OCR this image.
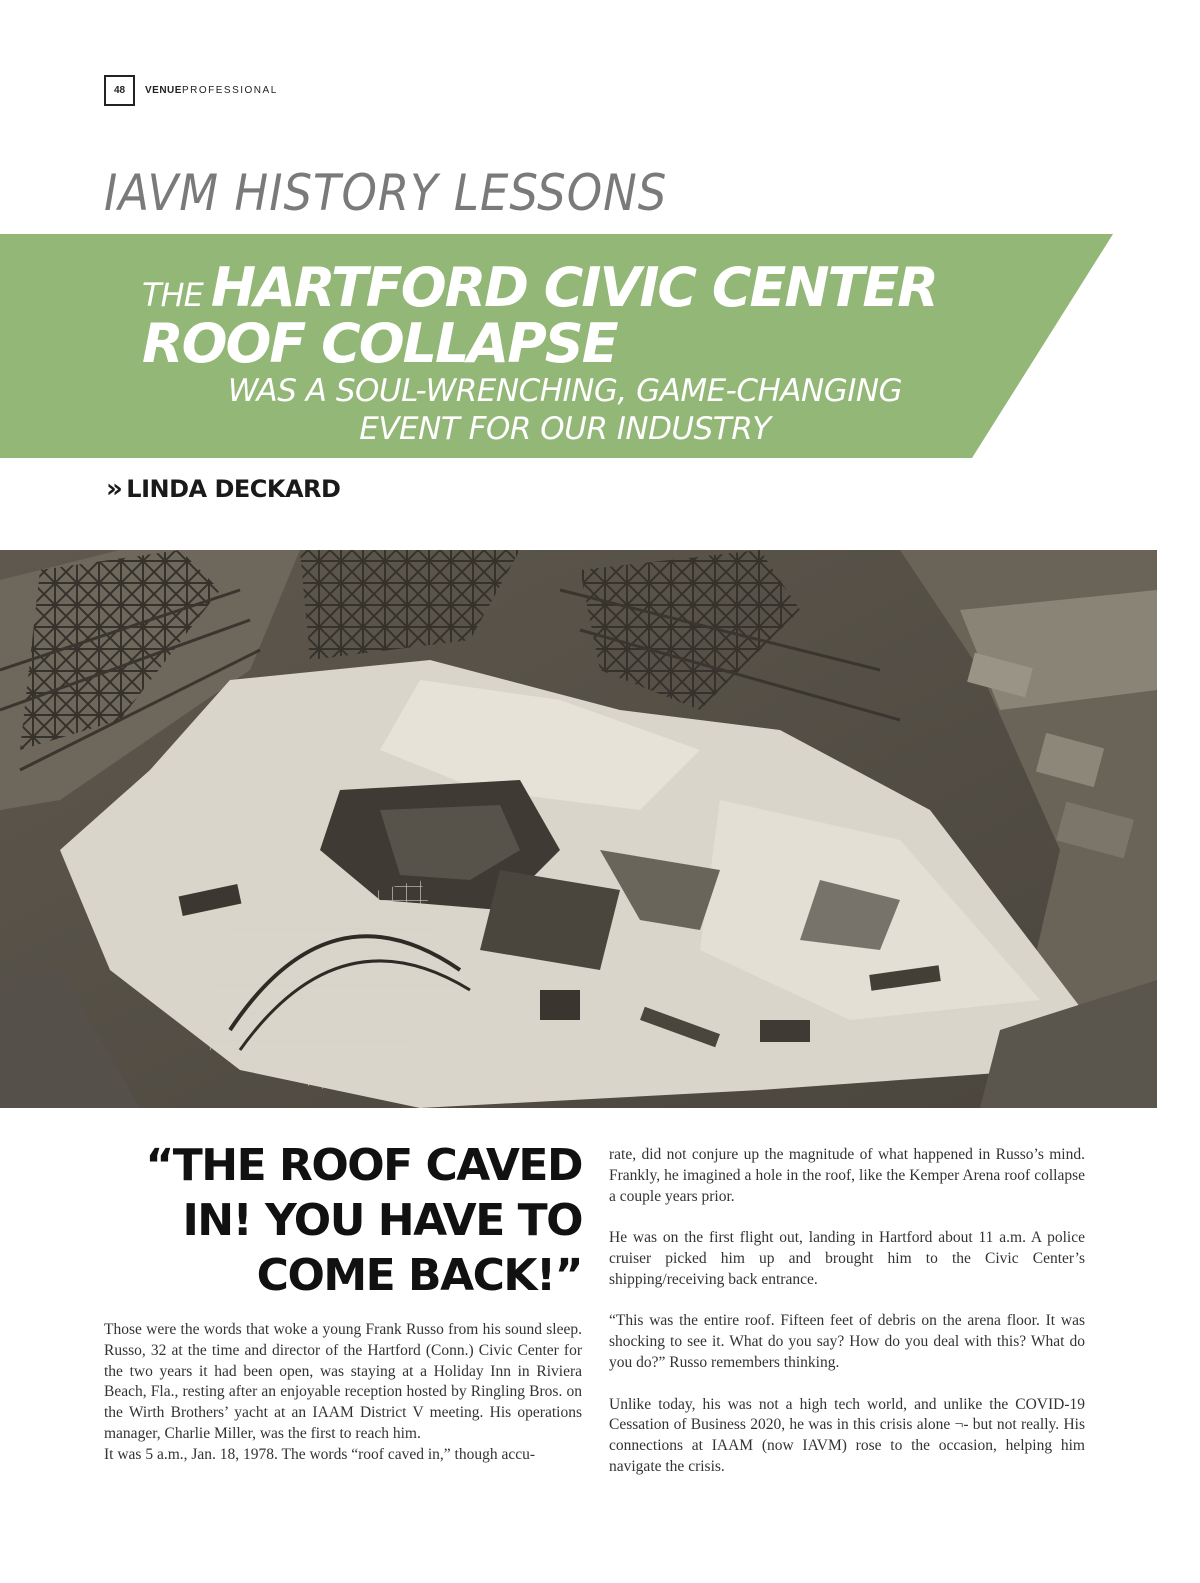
48	VENUEPROFESSIONAL
IAVM HISTORY LESSONS
THE HARTFORD CIVIC CENTER
ROOF COLLAPSE
WAS A SOUL-WRENCHING, GAME-CHANGING
EVENT FOR OUR INDUSTRY
» LINDA DECKARD
“THE ROOF CAVED
IN! YOU HAVE TO
COME BACK!”

Those were the words that woke a young Frank Russo from his sound sleep. Russo, 32 at the time and director of the Hartford (Conn.) Civic Center for the two years it had been open, was staying at a Holiday Inn in Riviera Beach, Fla., resting after an enjoyable reception hosted by Ringling Bros. on the Wirth Brothers’ yacht at an IAAM District V meeting. His operations manager, Charlie Miller, was the first to reach him.

It was 5 a.m., Jan. 18, 1978. The words “roof caved in,” though accu-

rate, did not conjure up the magnitude of what happened in Russo’s mind. Frankly, he imagined a hole in the roof, like the Kemper Arena roof collapse a couple years prior.

He was on the first flight out, landing in Hartford about 11 a.m. A police cruiser picked him up and brought him to the Civic Center’s shipping/receiving back entrance.

“This was the entire roof. Fifteen feet of debris on the arena floor. It was shocking to see it. What do you say? How do you deal with this? What do you do?” Russo remembers thinking.

Unlike today, his was not a high tech world, and unlike the COVID-19 Cessation of Business 2020, he was in this crisis alone ¬- but not really. His connections at IAAM (now IAVM) rose to the occasion, helping him navigate the crisis.
